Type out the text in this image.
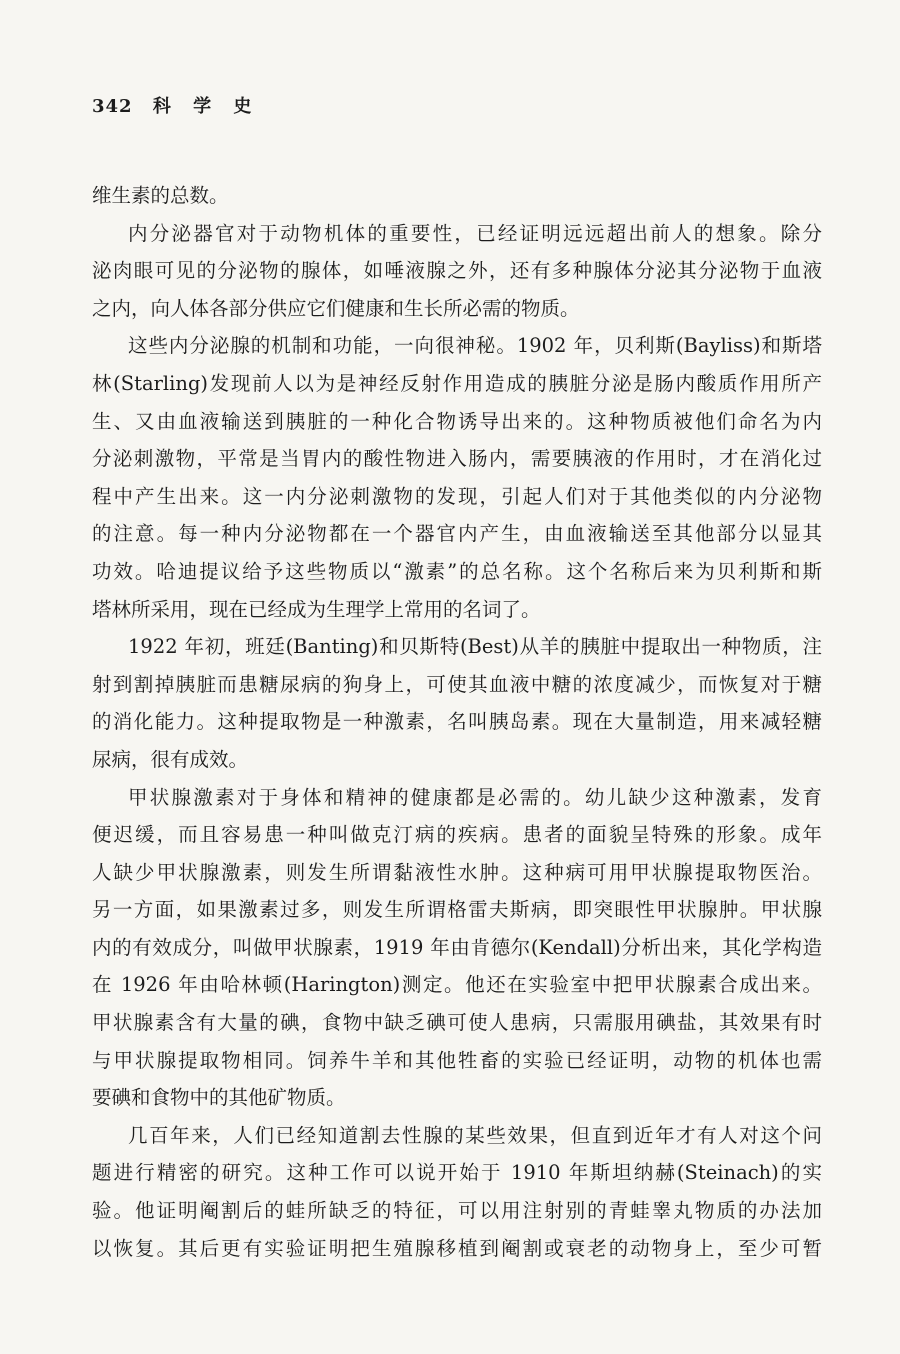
342 科 学 史
维生素的总数。
内分泌器官对于动物机体的重要性，已经证明远远超出前人的想象。除分
泌肉眼可见的分泌物的腺体，如唾液腺之外，还有多种腺体分泌其分泌物于血液
之内，向人体各部分供应它们健康和生长所必需的物质。
这些内分泌腺的机制和功能，一向很神秘。1902 年，贝利斯(Bayliss)和斯塔
林(Starling)发现前人以为是神经反射作用造成的胰脏分泌是肠内酸质作用所产
生、又由血液输送到胰脏的一种化合物诱导出来的。这种物质被他们命名为内
分泌刺激物，平常是当胃内的酸性物进入肠内，需要胰液的作用时，才在消化过
程中产生出来。这一内分泌刺激物的发现，引起人们对于其他类似的内分泌物
的注意。每一种内分泌物都在一个器官内产生，由血液输送至其他部分以显其
功效。哈迪提议给予这些物质以“激素”的总名称。这个名称后来为贝利斯和斯
塔林所采用，现在已经成为生理学上常用的名词了。
1922 年初，班廷(Banting)和贝斯特(Best)从羊的胰脏中提取出一种物质，注
射到割掉胰脏而患糖尿病的狗身上，可使其血液中糖的浓度减少，而恢复对于糖
的消化能力。这种提取物是一种激素，名叫胰岛素。现在大量制造，用来减轻糖
尿病，很有成效。
甲状腺激素对于身体和精神的健康都是必需的。幼儿缺少这种激素，发育
便迟缓，而且容易患一种叫做克汀病的疾病。患者的面貌呈特殊的形象。成年
人缺少甲状腺激素，则发生所谓黏液性水肿。这种病可用甲状腺提取物医治。
另一方面，如果激素过多，则发生所谓格雷夫斯病，即突眼性甲状腺肿。甲状腺
内的有效成分，叫做甲状腺素，1919 年由肯德尔(Kendall)分析出来，其化学构造
在 1926 年由哈林顿(Harington)测定。他还在实验室中把甲状腺素合成出来。
甲状腺素含有大量的碘，食物中缺乏碘可使人患病，只需服用碘盐，其效果有时
与甲状腺提取物相同。饲养牛羊和其他牲畜的实验已经证明，动物的机体也需
要碘和食物中的其他矿物质。
几百年来，人们已经知道割去性腺的某些效果，但直到近年才有人对这个问
题进行精密的研究。这种工作可以说开始于 1910 年斯坦纳赫(Steinach)的实
验。他证明阉割后的蛙所缺乏的特征，可以用注射别的青蛙睾丸物质的办法加
以恢复。其后更有实验证明把生殖腺移植到阉割或衰老的动物身上，至少可暂
